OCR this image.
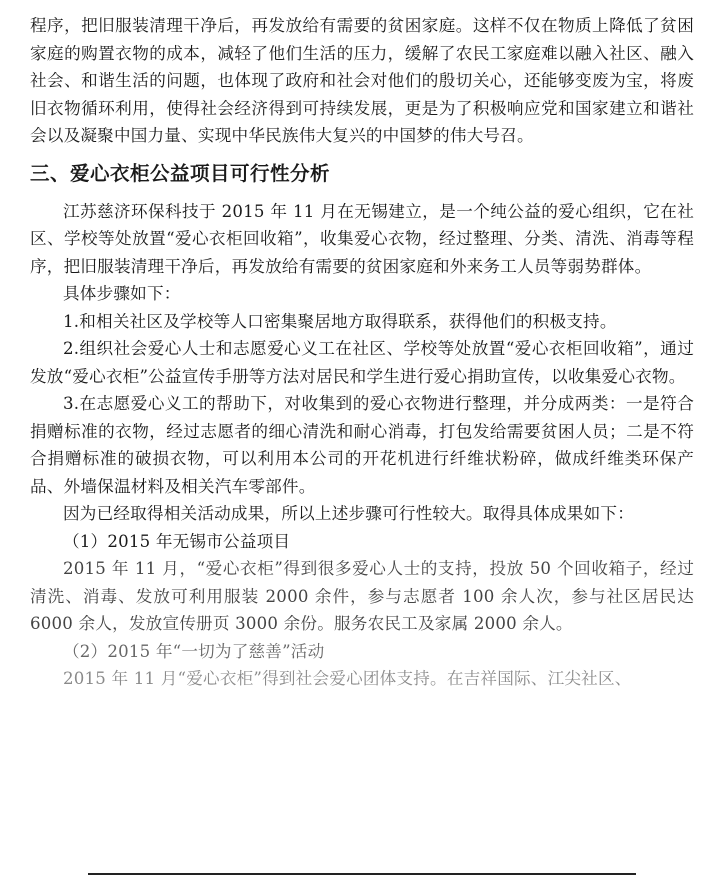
程序，把旧服装清理干净后，再发放给有需要的贫困家庭。这样不仅在物质上降低了贫困家庭的购置衣物的成本，减轻了他们生活的压力，缓解了农民工家庭难以融入社区、融入社会、和谐生活的问题，也体现了政府和社会对他们的殷切关心，还能够变废为宝，将废旧衣物循环利用，使得社会经济得到可持续发展，更是为了积极响应党和国家建立和谐社会以及凝聚中国力量、实现中华民族伟大复兴的中国梦的伟大号召。

三、爱心衣柜公益项目可行性分析

江苏慈济环保科技于 2015 年 11 月在无锡建立，是一个纯公益的爱心组织，它在社区、学校等处放置“爱心衣柜回收箱”，收集爱心衣物，经过整理、分类、清洗、消毒等程序，把旧服装清理干净后，再发放给有需要的贫困家庭和外来务工人员等弱势群体。

具体步骤如下：

1.和相关社区及学校等人口密集聚居地方取得联系，获得他们的积极支持。

2.组织社会爱心人士和志愿爱心义工在社区、学校等处放置“爱心衣柜回收箱”，通过发放“爱心衣柜”公益宣传手册等方法对居民和学生进行爱心捐助宣传，以收集爱心衣物。

3.在志愿爱心义工的帮助下，对收集到的爱心衣物进行整理，并分成两类：一是符合捐赠标准的衣物，经过志愿者的细心清洗和耐心消毒，打包发给需要贫困人员；二是不符合捐赠标准的破损衣物，可以利用本公司的开花机进行纤维状粉碎，做成纤维类环保产品、外墙保温材料及相关汽车零部件。

因为已经取得相关活动成果，所以上述步骤可行性较大。取得具体成果如下：

（1）2015 年无锡市公益项目

2015 年 11 月，“爱心衣柜”得到很多爱心人士的支持，投放 50 个回收箱子，经过清洗、消毒、发放可利用服装 2000 余件，参与志愿者 100 余人次，参与社区居民达 6000 余人，发放宣传册页 3000 余份。服务农民工及家属 2000 余人。

（2）2015 年“一切为了慈善”活动

2015 年 11 月“爱心衣柜”得到社会爱心团体支持。在吉祥国际、江尖社区、
